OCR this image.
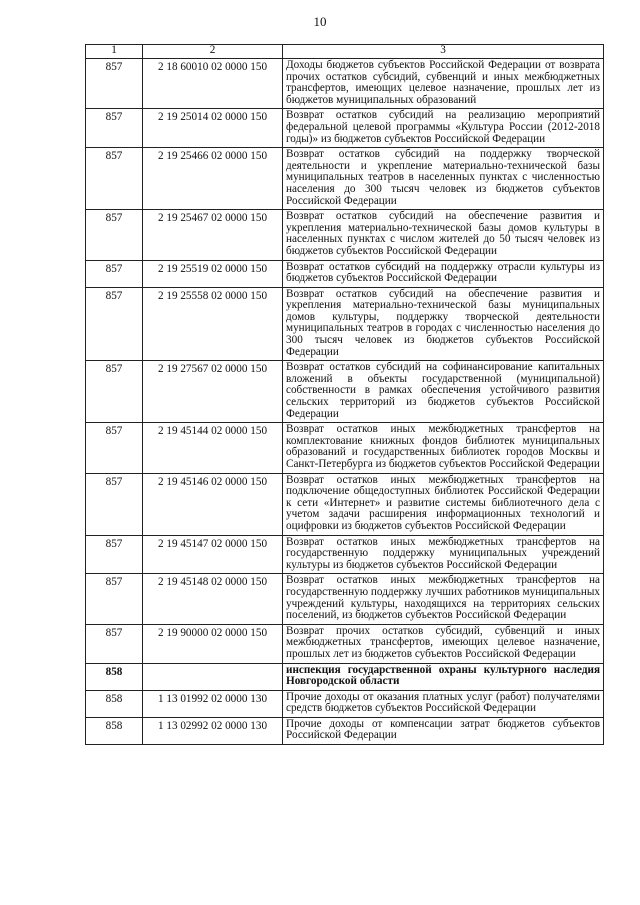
10
1	2	3
857	2 18 60010 02 0000 150	Доходы бюджетов субъектов Российской Федерации от возврата прочих остатков субсидий, субвенций и иных межбюджетных трансфертов, имеющих целевое назначение, прошлых лет из бюджетов муниципальных образований
857	2 19 25014 02 0000 150	Возврат остатков субсидий на реализацию мероприятий федеральной целевой программы «Культура России (2012-2018 годы)» из бюджетов субъектов Российской Федерации
857	2 19 25466 02 0000 150	Возврат остатков субсидий на поддержку творческой деятельности и укрепление материально-технической базы муниципальных театров в населенных пунктах с численностью населения до 300 тысяч человек из бюджетов субъектов Российской Федерации
857	2 19 25467 02 0000 150	Возврат остатков субсидий на обеспечение развития и укрепления материально-технической базы домов культуры в населенных пунктах с числом жителей до 50 тысяч человек из бюджетов субъектов Российской Федерации
857	2 19 25519 02 0000 150	Возврат остатков субсидий на поддержку отрасли культуры из бюджетов субъектов Российской Федерации
857	2 19 25558 02 0000 150	Возврат остатков субсидий на обеспечение развития и укрепления материально-технической базы муниципальных домов культуры, поддержку творческой деятельности муниципальных театров в городах с численностью населения до 300 тысяч человек из бюджетов субъектов Российской Федерации
857	2 19 27567 02 0000 150	Возврат остатков субсидий на софинансирование капитальных вложений в объекты государственной (муниципальной) собственности в рамках обеспечения устойчивого развития сельских территорий из бюджетов субъектов Российской Федерации
857	2 19 45144 02 0000 150	Возврат остатков иных межбюджетных трансфертов на комплектование книжных фондов библиотек муниципальных образований и государственных библиотек городов Москвы и Санкт-Петербурга из бюджетов субъектов Российской Федерации
857	2 19 45146 02 0000 150	Возврат остатков иных межбюджетных трансфертов на подключение общедоступных библиотек Российской Федерации к сети «Интернет» и развитие системы библиотечного дела с учетом задачи расширения информационных технологий и оцифровки из бюджетов субъектов Российской Федерации
857	2 19 45147 02 0000 150	Возврат остатков иных межбюджетных трансфертов на государственную поддержку муниципальных учреждений культуры из бюджетов субъектов Российской Федерации
857	2 19 45148 02 0000 150	Возврат остатков иных межбюджетных трансфертов на государственную поддержку лучших работников муниципальных учреждений культуры, находящихся на территориях сельских поселений, из бюджетов субъектов Российской Федерации
857	2 19 90000 02 0000 150	Возврат прочих остатков субсидий, субвенций и иных межбюджетных трансфертов, имеющих целевое назначение, прошлых лет из бюджетов субъектов Российской Федерации
858		инспекция государственной охраны культурного наследия Новгородской области
858	1 13 01992 02 0000 130	Прочие доходы от оказания платных услуг (работ) получателями средств бюджетов субъектов Российской Федерации
858	1 13 02992 02 0000 130	Прочие доходы от компенсации затрат бюджетов субъектов Российской Федерации
